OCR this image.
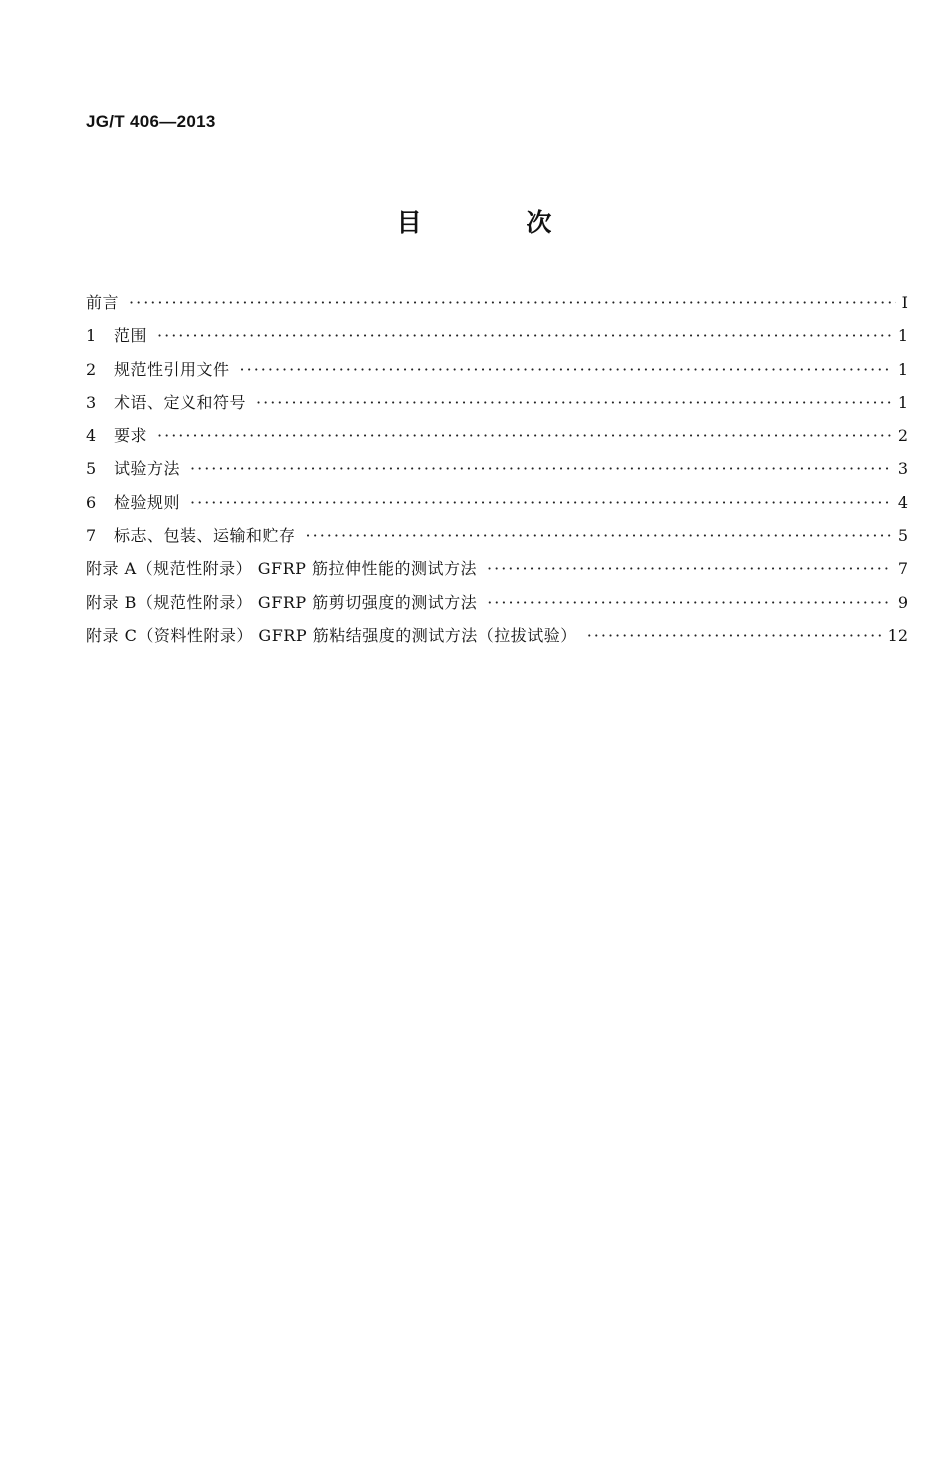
JG/T 406—2013
目 次
前言 ·····	I
1	范围 ·····	1
2	规范性引用文件 ·····	1
3	术语、定义和符号 ·····	1
4	要求 ·····	2
5	试验方法 ·····	3
6	检验规则 ·····	4
7	标志、包装、运输和贮存 ·····	5
附录 A（规范性附录） GFRP 筋拉伸性能的测试方法 ·····	7
附录 B（规范性附录） GFRP 筋剪切强度的测试方法 ·····	9
附录 C（资料性附录） GFRP 筋粘结强度的测试方法（拉拔试验） ·····	12
